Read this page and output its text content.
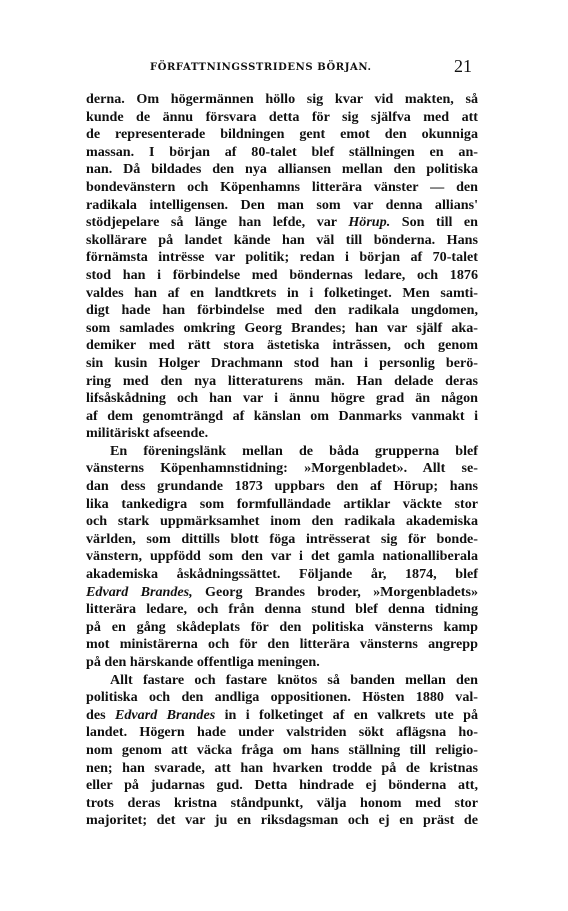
FÖRFATTNINGSSTRIDENS BÖRJAN.	21
derna. Om högermännen höllo sig kvar vid makten, så
kunde de ännu försvara detta för sig själfva med att
de representerade bildningen gent emot den okunniga
massan. I början af 80-talet blef ställningen en an-
nan. Då bildades den nya alliansen mellan den politiska
bondevänstern och Köpenhamns litterära vänster — den
radikala intelligensen. Den man som var denna allians'
stödjepelare så länge han lefde, var Hörup. Son till en
skollärare på landet kände han väl till bönderna. Hans
förnämsta intrësse var politik; redan i början af 70-talet
stod han i förbindelse med böndernas ledare, och 1876
valdes han af en landtkrets in i folketinget. Men samti-
digt hade han förbindelse med den radikala ungdomen,
som samlades omkring Georg Brandes; han var själf aka-
demiker med rätt stora ästetiska intrãssen, och genom
sin kusin Holger Drachmann stod han i personlig berö-
ring med den nya litteraturens män. Han delade deras
lifsåskådning och han var i ännu högre grad än någon
af dem genomträngd af känslan om Danmarks vanmakt i
militäriskt afseende.
En föreningslänk mellan de båda grupperna blef
vänsterns Köpenhamnstidning: »Morgenbladet». Allt se-
dan dess grundande 1873 uppbars den af Hörup; hans
lika tankedigra som formfulländade artiklar väckte stor
och stark uppmärksamhet inom den radikala akademiska
världen, som dittills blott föga intrësserat sig för bonde-
vänstern, uppfödd som den var i det gamla nationalliberala
akademiska åskådningssättet. Följande år, 1874, blef
Edvard Brandes, Georg Brandes broder, »Morgenbladets»
litterära ledare, och från denna stund blef denna tidning
på en gång skådeplats för den politiska vänsterns kamp
mot ministärerna och för den litterära vänsterns angrepp
på den härskande offentliga meningen.
Allt fastare och fastare knötos så banden mellan den
politiska och den andliga oppositionen. Hösten 1880 val-
des Edvard Brandes in i folketinget af en valkrets ute på
landet. Högern hade under valstriden sökt aflägsna ho-
nom genom att väcka fråga om hans ställning till religio-
nen; han svarade, att han hvarken trodde på de kristnas
eller på judarnas gud. Detta hindrade ej bönderna att,
trots deras kristna ståndpunkt, välja honom med stor
majoritet; det var ju en riksdagsman och ej en präst de
